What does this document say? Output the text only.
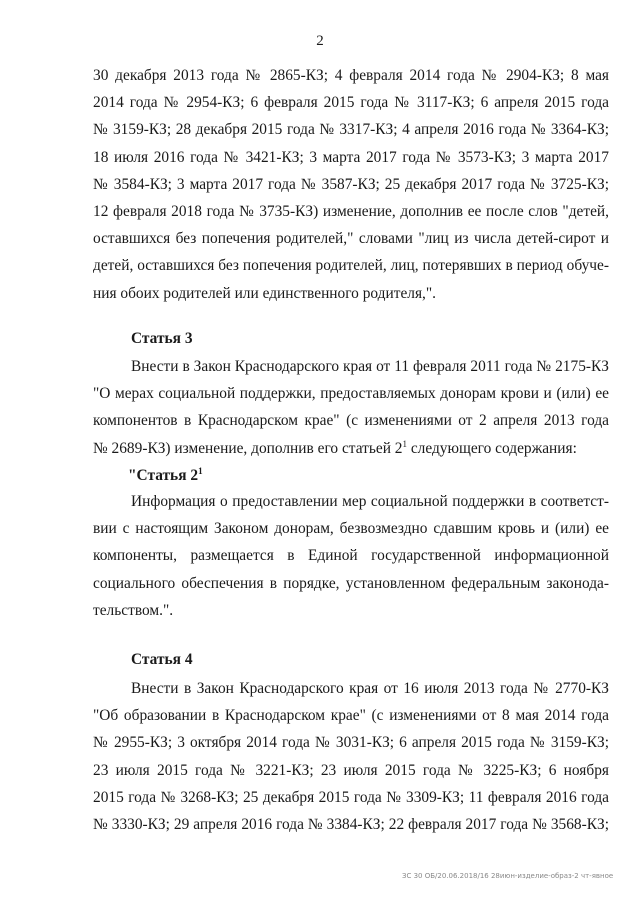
2
30 декабря 2013 года № 2865-КЗ; 4 февраля 2014 года № 2904-КЗ; 8 мая
2014 года № 2954-КЗ; 6 февраля 2015 года № 3117-КЗ; 6 апреля 2015 года
№ 3159-КЗ; 28 декабря 2015 года № 3317-КЗ; 4 апреля 2016 года № 3364-КЗ;
18 июля 2016 года № 3421-КЗ; 3 марта 2017 года № 3573-КЗ; 3 марта 2017
№ 3584-КЗ; 3 марта 2017 года № 3587-КЗ; 25 декабря 2017 года № 3725-КЗ;
12 февраля 2018 года № 3735-КЗ) изменение, дополнив ее после слов "детей,
оставшихся без попечения родителей," словами "лиц из числа детей-сирот и
детей, оставшихся без попечения родителей, лиц, потерявших в период обуче-
ния обоих родителей или единственного родителя,".
Статья 3
Внести в Закон Краснодарского края от 11 февраля 2011 года № 2175-КЗ
"О мерах социальной поддержки, предоставляемых донорам крови и (или) ее
компонентов в Краснодарском крае" (с изменениями от 2 апреля 2013 года
№ 2689-КЗ) изменение, дополнив его статьей $2^1$ следующего содержания:
"Статья $2^1$
Информация о предоставлении мер социальной поддержки в соответст-
вии с настоящим Законом донорам, безвозмездно сдавшим кровь и (или) ее
компоненты, размещается в Единой государственной информационной
социального обеспечения в порядке, установленном федеральным законода-
тельством.".
Статья 4
Внести в Закон Краснодарского края от 16 июля 2013 года № 2770-КЗ
"Об образовании в Краснодарском крае" (с изменениями от 8 мая 2014 года
№ 2955-КЗ; 3 октября 2014 года № 3031-КЗ; 6 апреля 2015 года № 3159-КЗ;
23 июля 2015 года № 3221-КЗ; 23 июля 2015 года № 3225-КЗ; 6 ноября
2015 года № 3268-КЗ; 25 декабря 2015 года № 3309-КЗ; 11 февраля 2016 года
№ 3330-КЗ; 29 апреля 2016 года № 3384-КЗ; 22 февраля 2017 года № 3568-КЗ;
ЗС 30 ОБ/20.06.2018/16 28июн-изделие-образ-2 чт-явное
